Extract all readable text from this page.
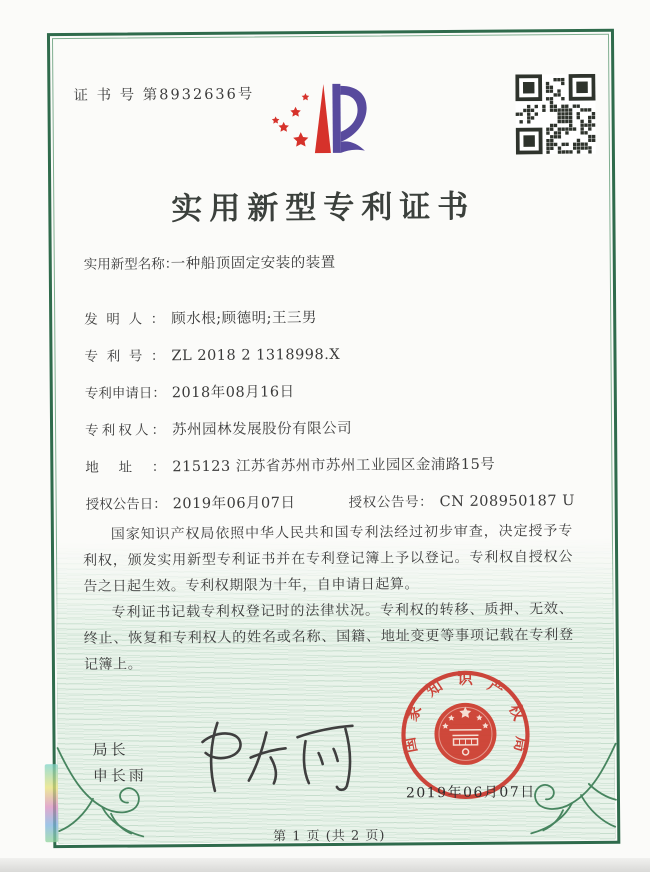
证 书 号 第8932636号
实用新型专利证书
实用新型名称：一种船顶固定安装的装置
发明人： 顾水根;顾德明;王三男
专利号： ZL 2018 2 1318998.X
专利申请日： 2018年08月16日
专利权人： 苏州园林发展股份有限公司
地址： 215123 江苏省苏州市苏州工业园区金浦路15号
授权公告日： 2019年06月07日	授权公告号： CN 208950187 U

国家知识产权局依照中华人民共和国专利法经过初步审查，决定授予专利权，颁发实用新型专利证书并在专利登记簿上予以登记。专利权自授权公告之日起生效。专利权期限为十年，自申请日起算。

专利证书记载专利权登记时的法律状况。专利权的转移、质押、无效、终止、恢复和专利权人的姓名或名称、国籍、地址变更等事项记载在专利登记簿上。

局长
申长雨
国
家
知 识 产
权
局
2019年06月07日
第 1 页 (共 2 页)
